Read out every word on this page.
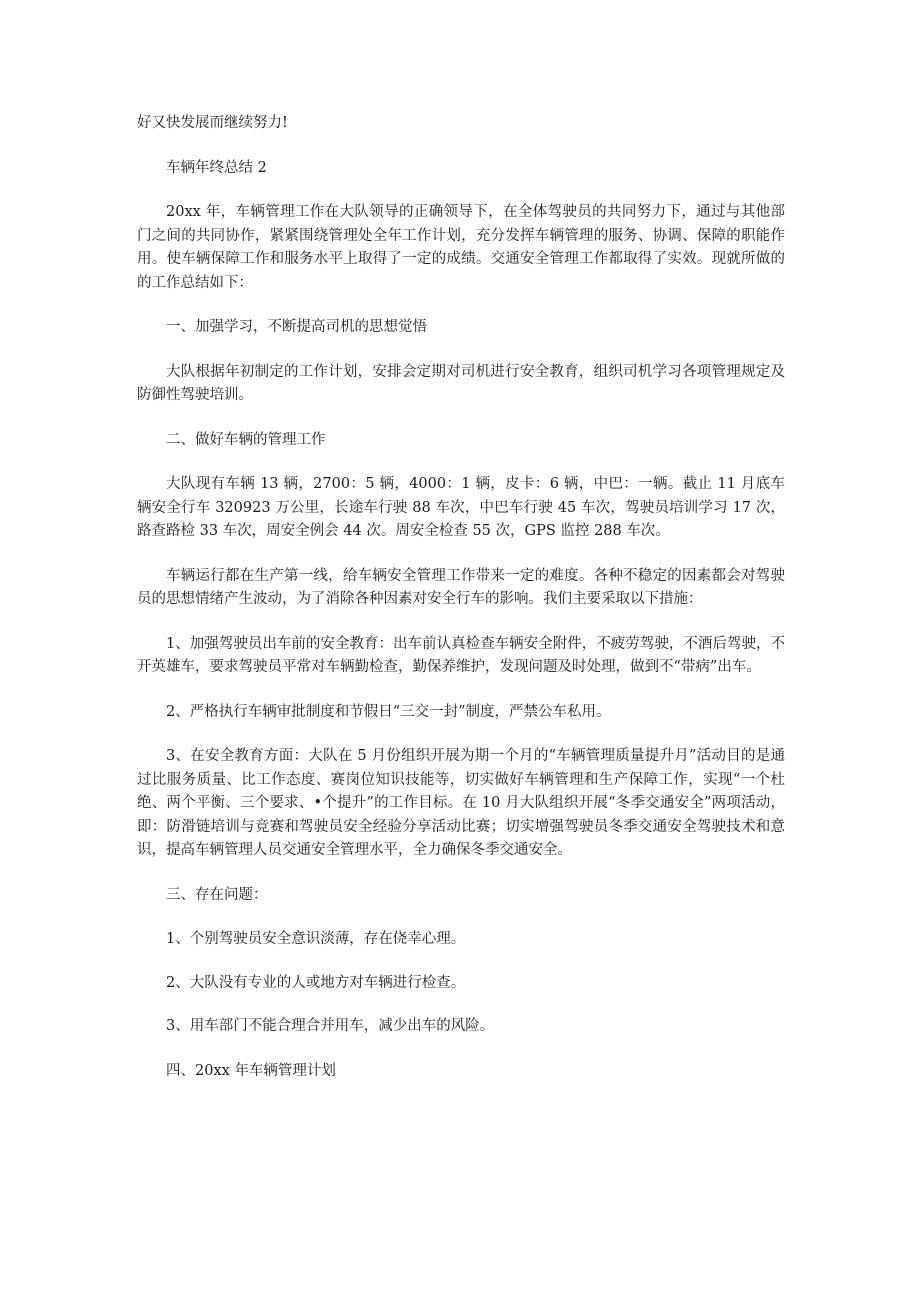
好又快发展而继续努力!

车辆年终总结 2

20xx 年，车辆管理工作在大队领导的正确领导下，在全体驾驶员的共同努力下，通过与其他部门之间的共同协作，紧紧围绕管理处全年工作计划，充分发挥车辆管理的服务、协调、保障的职能作用。使车辆保障工作和服务水平上取得了一定的成绩。交通安全管理工作都取得了实效。现就所做的的工作总结如下：

一、加强学习，不断提高司机的思想觉悟

大队根据年初制定的工作计划，安排会定期对司机进行安全教育，组织司机学习各项管理规定及防御性驾驶培训。

二、做好车辆的管理工作

大队现有车辆 13 辆，2700：5 辆，4000：1 辆，皮卡：6 辆，中巴：一辆。截止 11 月底车辆安全行车 320923 万公里，长途车行驶 88 车次，中巴车行驶 45 车次，驾驶员培训学习 17 次，路查路检 33 车次，周安全例会 44 次。周安全检查 55 次，GPS 监控 288 车次。

车辆运行都在生产第一线，给车辆安全管理工作带来一定的难度。各种不稳定的因素都会对驾驶员的思想情绪产生波动，为了消除各种因素对安全行车的影响。我们主要采取以下措施：

1、加强驾驶员出车前的安全教育：出车前认真检查车辆安全附件，不疲劳驾驶，不酒后驾驶，不开英雄车，要求驾驶员平常对车辆勤检查，勤保养维护，发现问题及时处理，做到不“带病”出车。

2、严格执行车辆审批制度和节假日“三交一封”制度，严禁公车私用。

3、在安全教育方面：大队在 5 月份组织开展为期一个月的“车辆管理质量提升月”活动目的是通过比服务质量、比工作态度、赛岗位知识技能等，切实做好车辆管理和生产保障工作，实现“一个杜绝、两个平衡、三个要求、•个提升”的工作目标。在 10 月大队组织开展“冬季交通安全”两项活动，即：防滑链培训与竞赛和驾驶员安全经验分享活动比赛；切实增强驾驶员冬季交通安全驾驶技术和意识，提高车辆管理人员交通安全管理水平，全力确保冬季交通安全。

三、存在问题：

1、个别驾驶员安全意识淡薄，存在侥幸心理。

2、大队没有专业的人或地方对车辆进行检查。

3、用车部门不能合理合并用车，减少出车的风险。

四、20xx 年车辆管理计划
